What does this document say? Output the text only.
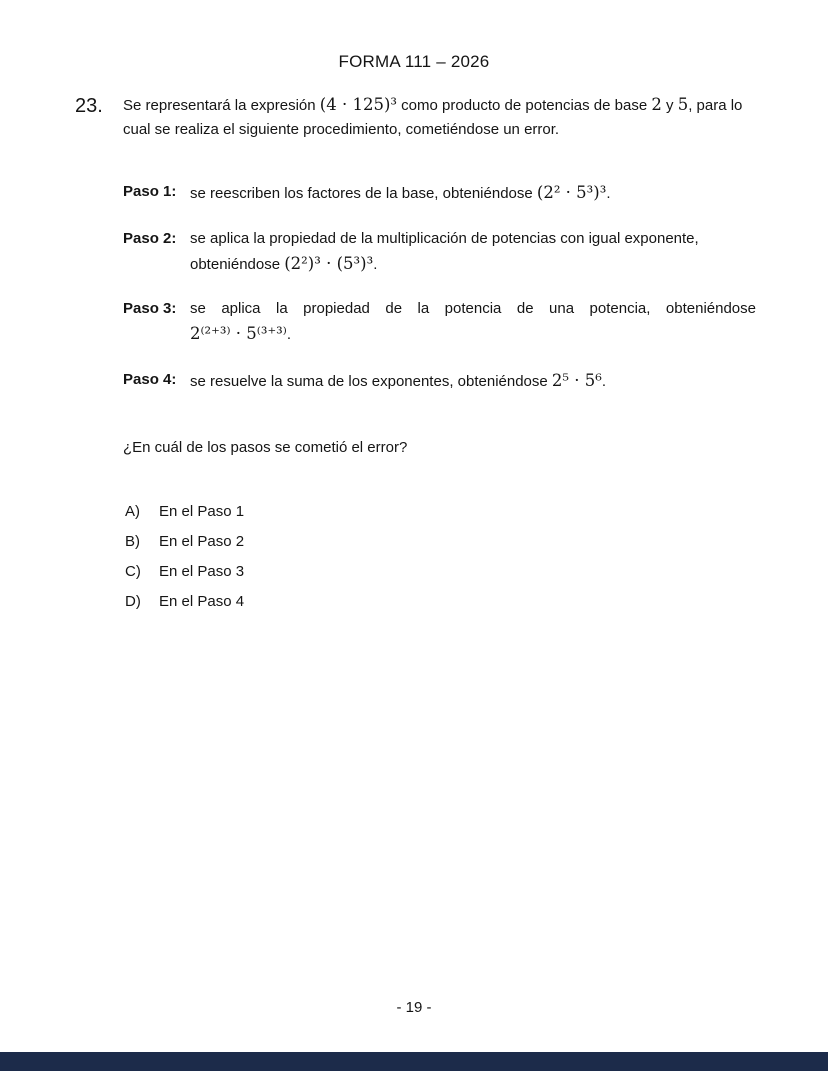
FORMA 111 – 2026
23.	Se representará la expresión (4 · 125)³ como producto de potencias de base 2 y 5, para lo cual se realiza el siguiente procedimiento, cometiéndose un error.

Paso 1: se reescriben los factores de la base, obteniéndose (2² · 5³)³.
Paso 2: se aplica la propiedad de la multiplicación de potencias con igual exponente,
obteniéndose (2²)³ · (5³)³.
Paso 3: se aplica la propiedad de la potencia de una potencia, obteniéndose
2⁽²⁺³⁾ · 5⁽³⁺³⁾.
Paso 4: se resuelve la suma de los exponentes, obteniéndose 2⁵ · 5⁶.

¿En cuál de los pasos se cometió el error?

A)	En el Paso 1
B)	En el Paso 2
C)	En el Paso 3
D)	En el Paso 4
- 19 -
